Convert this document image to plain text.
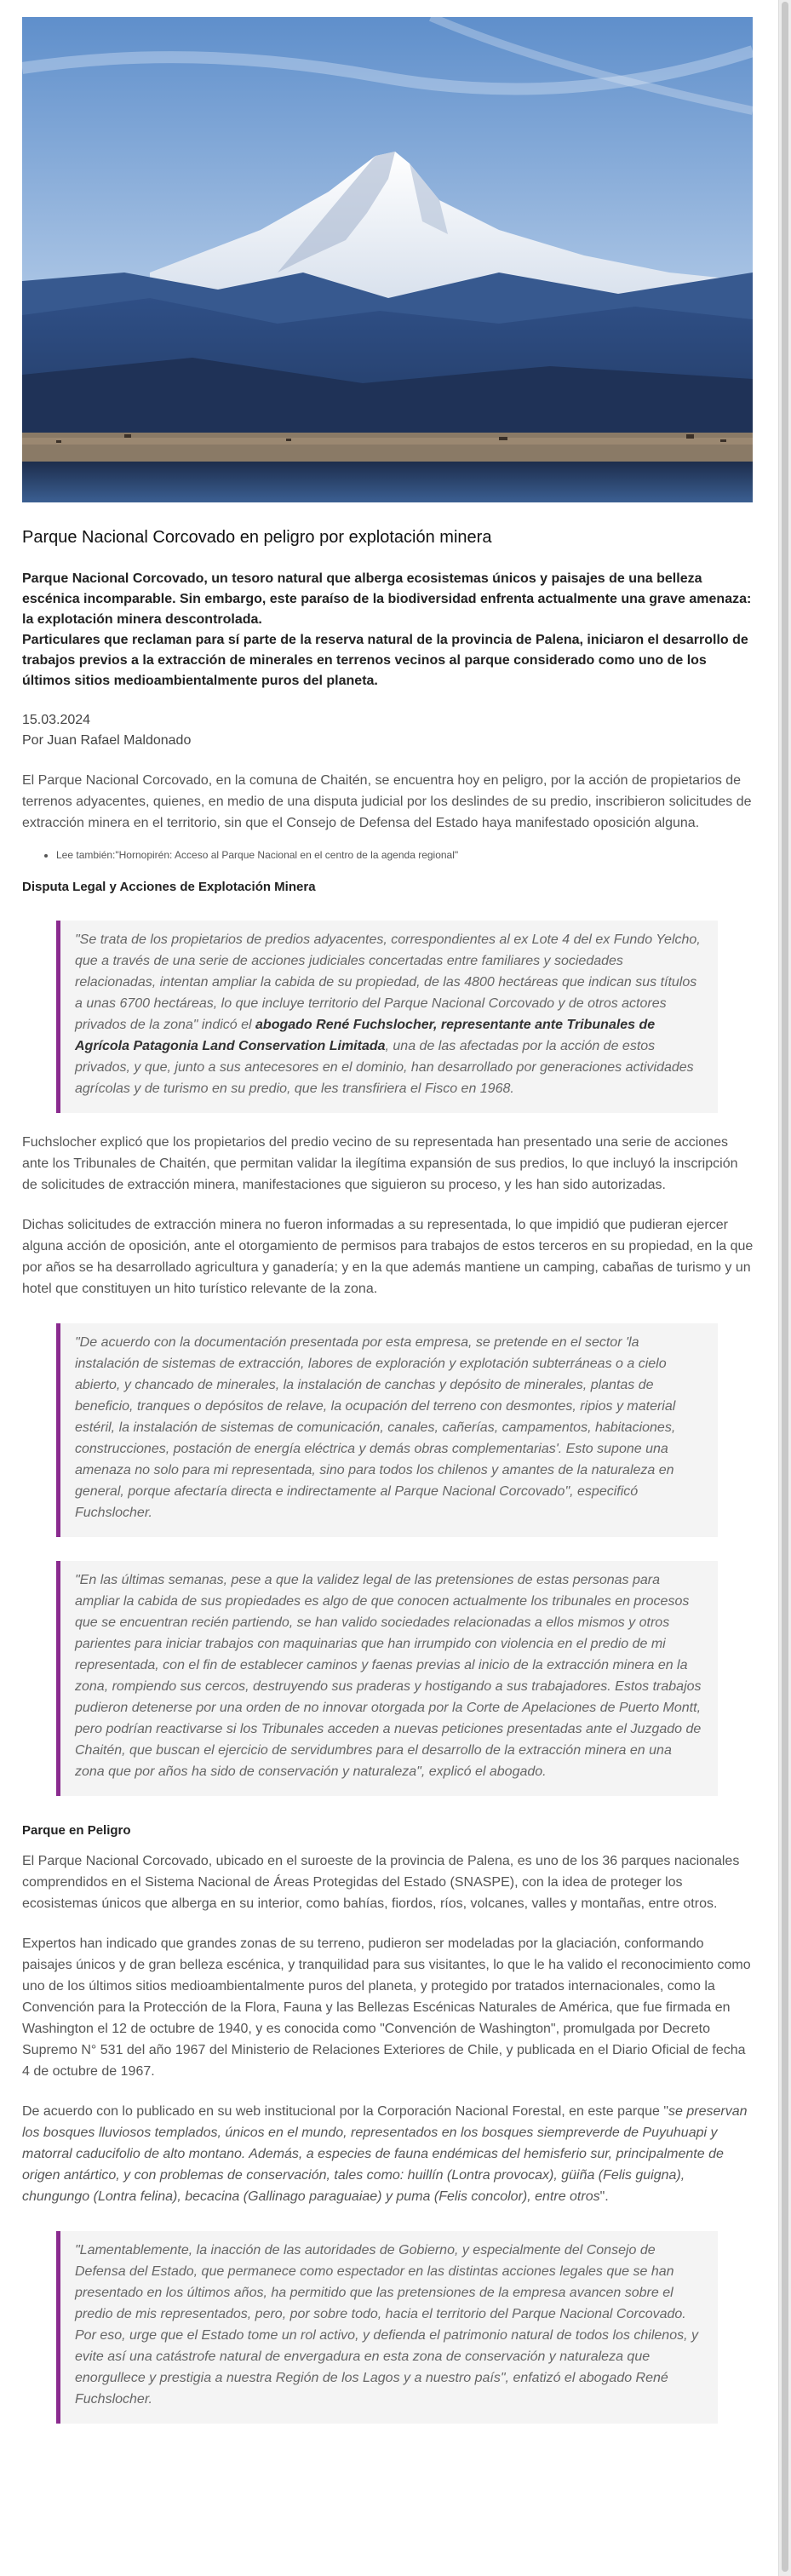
Parque Nacional Corcovado en peligro por explotación minera

Parque Nacional Corcovado, un tesoro natural que alberga ecosistemas únicos y paisajes de una belleza escénica incomparable. Sin embargo, este paraíso de la biodiversidad enfrenta actualmente una grave amenaza: la explotación minera descontrolada.

Particulares que reclaman para sí parte de la reserva natural de la provincia de Palena, iniciaron el desarrollo de trabajos previos a la extracción de minerales en terrenos vecinos al parque considerado como uno de los últimos sitios medioambientalmente puros del planeta.

15.03.2024
Por Juan Rafael Maldonado

El Parque Nacional Corcovado, en la comuna de Chaitén, se encuentra hoy en peligro, por la acción de propietarios de terrenos adyacentes, quienes, en medio de una disputa judicial por los deslindes de su predio, inscribieron solicitudes de extracción minera en el territorio, sin que el Consejo de Defensa del Estado haya manifestado oposición alguna.

• Lee también:"Hornopirén: Acceso al Parque Nacional en el centro de la agenda regional"
Disputa Legal y Acciones de Explotación Minera
"Se trata de los propietarios de predios adyacentes, correspondientes al ex Lote 4 del ex Fundo Yelcho, que a través de una serie de acciones judiciales concertadas entre familiares y sociedades relacionadas, intentan ampliar la cabida de su propiedad, de las 4800 hectáreas que indican sus títulos a unas 6700 hectáreas, lo que incluye territorio del Parque Nacional Corcovado y de otros actores privados de la zona" indicó el abogado René Fuchslocher, representante ante Tribunales de Agrícola Patagonia Land Conservation Limitada, una de las afectadas por la acción de estos privados, y que, junto a sus antecesores en el dominio, han desarrollado por generaciones actividades agrícolas y de turismo en su predio, que les transfiriera el Fisco en 1968.

Fuchslocher explicó que los propietarios del predio vecino de su representada han presentado una serie de acciones ante los Tribunales de Chaitén, que permitan validar la ilegítima expansión de sus predios, lo que incluyó la inscripción de solicitudes de extracción minera, manifestaciones que siguieron su proceso, y les han sido autorizadas.

Dichas solicitudes de extracción minera no fueron informadas a su representada, lo que impidió que pudieran ejercer alguna acción de oposición, ante el otorgamiento de permisos para trabajos de estos terceros en su propiedad, en la que por años se ha desarrollado agricultura y ganadería; y en la que además mantiene un camping, cabañas de turismo y un hotel que constituyen un hito turístico relevante de la zona.

"De acuerdo con la documentación presentada por esta empresa, se pretende en el sector 'la instalación de sistemas de extracción, labores de exploración y explotación subterráneas o a cielo abierto, y chancado de minerales, la instalación de canchas y depósito de minerales, plantas de beneficio, tranques o depósitos de relave, la ocupación del terreno con desmontes, ripios y material estéril, la instalación de sistemas de comunicación, canales, cañerías, campamentos, habitaciones, construcciones, postación de energía eléctrica y demás obras complementarias'. Esto supone una amenaza no solo para mi representada, sino para todos los chilenos y amantes de la naturaleza en general, porque afectaría directa e indirectamente al Parque Nacional Corcovado", especificó Fuchslocher.
"En las últimas semanas, pese a que la validez legal de las pretensiones de estas personas para ampliar la cabida de sus propiedades es algo de que conocen actualmente los tribunales en procesos que se encuentran recién partiendo, se han valido sociedades relacionadas a ellos mismos y otros parientes para iniciar trabajos con maquinarias que han irrumpido con violencia en el predio de mi representada, con el fin de establecer caminos y faenas previas al inicio de la extracción minera en la zona, rompiendo sus cercos, destruyendo sus praderas y hostigando a sus trabajadores. Estos trabajos pudieron detenerse por una orden de no innovar otorgada por la Corte de Apelaciones de Puerto Montt, pero podrían reactivarse si los Tribunales acceden a nuevas peticiones presentadas ante el Juzgado de Chaitén, que buscan el ejercicio de servidumbres para el desarrollo de la extracción minera en una zona que por años ha sido de conservación y naturaleza", explicó el abogado.
Parque en Peligro

El Parque Nacional Corcovado, ubicado en el suroeste de la provincia de Palena, es uno de los 36 parques nacionales comprendidos en el Sistema Nacional de Áreas Protegidas del Estado (SNASPE), con la idea de proteger los ecosistemas únicos que alberga en su interior, como bahías, fiordos, ríos, volcanes, valles y montañas, entre otros.

Expertos han indicado que grandes zonas de su terreno, pudieron ser modeladas por la glaciación, conformando paisajes únicos y de gran belleza escénica, y tranquilidad para sus visitantes, lo que le ha valido el reconocimiento como uno de los últimos sitios medioambientalmente puros del planeta, y protegido por tratados internacionales, como la Convención para la Protección de la Flora, Fauna y las Bellezas Escénicas Naturales de América, que fue firmada en Washington el 12 de octubre de 1940, y es conocida como "Convención de Washington", promulgada por Decreto Supremo N° 531 del año 1967 del Ministerio de Relaciones Exteriores de Chile, y publicada en el Diario Oficial de fecha 4 de octubre de 1967.

De acuerdo con lo publicado en su web institucional por la Corporación Nacional Forestal, en este parque "se preservan los bosques lluviosos templados, únicos en el mundo, representados en los bosques siempreverde de Puyuhuapi y matorral caducifolio de alto montano. Además, a especies de fauna endémicas del hemisferio sur, principalmente de origen antártico, y con problemas de conservación, tales como: huillín (Lontra provocax), güiña (Felis guigna), chungungo (Lontra felina), becacina (Gallinago paraguaiae) y puma (Felis concolor), entre otros".

"Lamentablemente, la inacción de las autoridades de Gobierno, y especialmente del Consejo de Defensa del Estado, que permanece como espectador en las distintas acciones legales que se han presentado en los últimos años, ha permitido que las pretensiones de la empresa avancen sobre el predio de mis representados, pero, por sobre todo, hacia el territorio del Parque Nacional Corcovado. Por eso, urge que el Estado tome un rol activo, y defienda el patrimonio natural de todos los chilenos, y evite así una catástrofe natural de envergadura en esta zona de conservación y naturaleza que enorgullece y prestigia a nuestra Región de los Lagos y a nuestro país", enfatizó el abogado René Fuchslocher.
